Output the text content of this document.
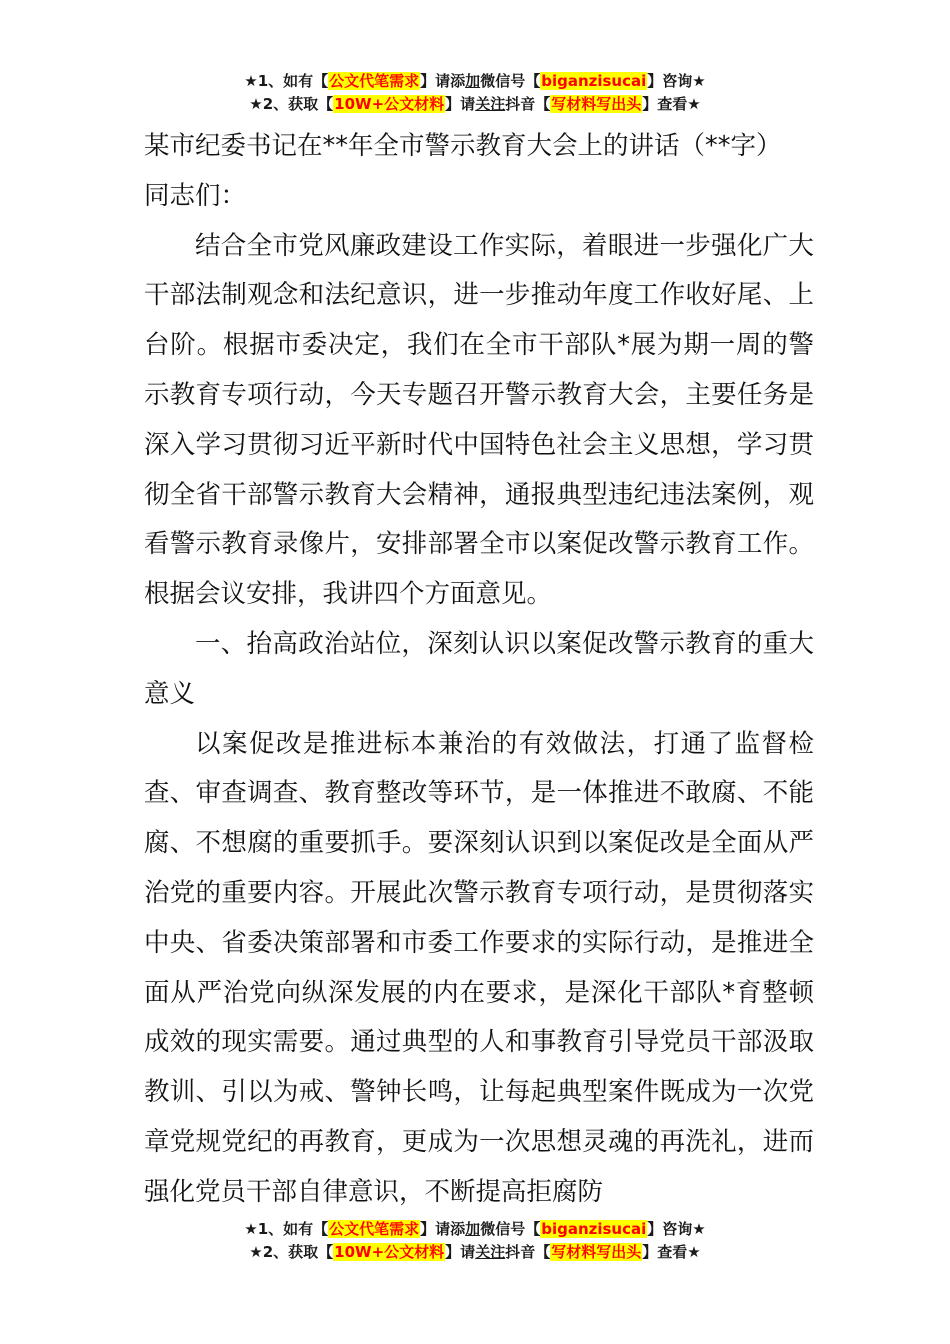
★1、如有【公文代笔需求】请添加微信号【biganzisucai】咨询★
★2、获取【10W+公文材料】请关注抖音【写材料写出头】查看★

某市纪委书记在**年全市警示教育大会上的讲话（**字）

同志们：

结合全市党风廉政建设工作实际，着眼进一步强化广大干部法制观念和法纪意识，进一步推动年度工作收好尾、上台阶。根据市委决定，我们在全市干部队*展为期一周的警示教育专项行动，今天专题召开警示教育大会，主要任务是深入学习贯彻习近平新时代中国特色社会主义思想，学习贯彻全省干部警示教育大会精神，通报典型违纪违法案例，观看警示教育录像片，安排部署全市以案促改警示教育工作。根据会议安排，我讲四个方面意见。

一、抬高政治站位，深刻认识以案促改警示教育的重大意义

以案促改是推进标本兼治的有效做法，打通了监督检查、审查调查、教育整改等环节，是一体推进不敢腐、不能腐、不想腐的重要抓手。要深刻认识到以案促改是全面从严治党的重要内容。开展此次警示教育专项行动，是贯彻落实中央、省委决策部署和市委工作要求的实际行动，是推进全面从严治党向纵深发展的内在要求，是深化干部队*育整顿成效的现实需要。通过典型的人和事教育引导党员干部汲取教训、引以为戒、警钟长鸣，让每起典型案件既成为一次党章党规党纪的再教育，更成为一次思想灵魂的再洗礼，进而强化党员干部自律意识，不断提高拒腐防

★1、如有【公文代笔需求】请添加微信号【biganzisucai】咨询★
★2、获取【10W+公文材料】请关注抖音【写材料写出头】查看★
